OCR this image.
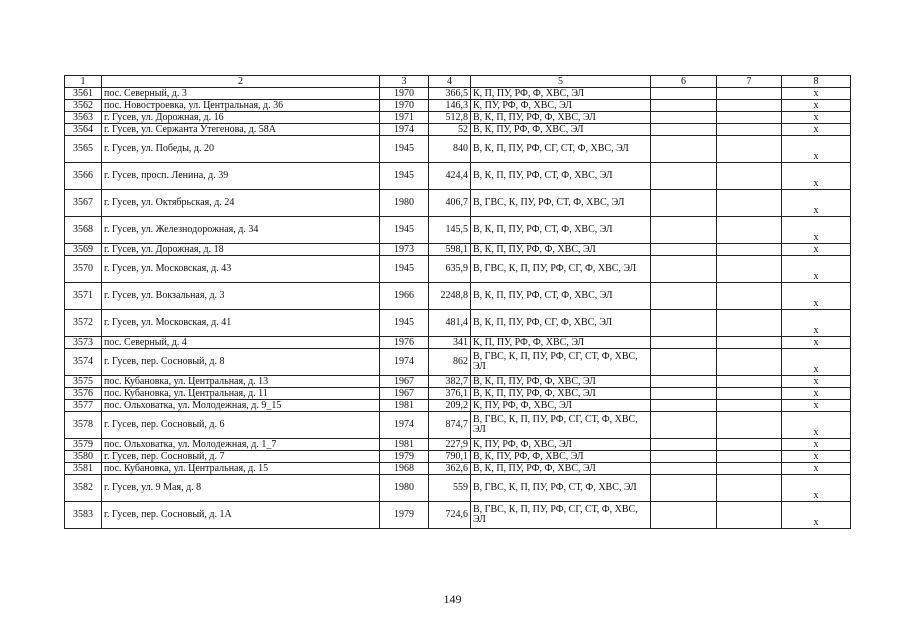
1	2	3	4	5	6	7	8
3561	пос. Северный, д. 3	1970	366,5	К, П, ПУ, РФ, Ф, ХВС, ЭЛ			х
3562	пос. Новостроевка, ул. Центральная, д. 36	1970	146,3	К, ПУ, РФ, Ф, ХВС, ЭЛ			х
3563	г. Гусев, ул. Дорожная, д. 16	1971	512,8	В, К, П, ПУ, РФ, Ф, ХВС, ЭЛ			х
3564	г. Гусев, ул. Сержанта Утегенова, д. 58А	1974	52	В, К, ПУ, РФ, Ф, ХВС, ЭЛ			х
3565	г. Гусев, ул. Победы, д. 20	1945	840	В, К, П, ПУ, РФ, СГ, СТ, Ф, ХВС, ЭЛ			х
3566	г. Гусев, просп. Ленина, д. 39	1945	424,4	В, К, П, ПУ, РФ, СТ, Ф, ХВС, ЭЛ			х
3567	г. Гусев, ул. Октябрьская, д. 24	1980	406,7	В, ГВС, К, ПУ, РФ, СТ, Ф, ХВС, ЭЛ			х
3568	г. Гусев, ул. Железнодорожная, д. 34	1945	145,5	В, К, П, ПУ, РФ, СТ, Ф, ХВС, ЭЛ			х
3569	г. Гусев, ул. Дорожная, д. 18	1973	598,1	В, К, П, ПУ, РФ, Ф, ХВС, ЭЛ			х
3570	г. Гусев, ул. Московская, д. 43	1945	635,9	В, ГВС, К, П, ПУ, РФ, СГ, Ф, ХВС, ЭЛ			х
3571	г. Гусев, ул. Вокзальная, д. 3	1966	2248,8	В, К, П, ПУ, РФ, СТ, Ф, ХВС, ЭЛ			х
3572	г. Гусев, ул. Московская, д. 41	1945	481,4	В, К, П, ПУ, РФ, СГ, Ф, ХВС, ЭЛ			х
3573	пос. Северный, д. 4	1976	341	К, П, ПУ, РФ, Ф, ХВС, ЭЛ			х
3574	г. Гусев, пер. Сосновый, д. 8	1974	862	В, ГВС, К, П, ПУ, РФ, СГ, СТ, Ф, ХВС, ЭЛ			х
3575	пос. Кубановка, ул. Центральная, д. 13	1967	382,7	В, К, П, ПУ, РФ, Ф, ХВС, ЭЛ			х
3576	пос. Кубановка, ул. Центральная, д. 11	1967	376,1	В, К, П, ПУ, РФ, Ф, ХВС, ЭЛ			х
3577	пос. Ольховатка, ул. Молодежная, д. 9_15	1981	209,2	К, ПУ, РФ, Ф, ХВС, ЭЛ			х
3578	г. Гусев, пер. Сосновый, д. 6	1974	874,7	В, ГВС, К, П, ПУ, РФ, СГ, СТ, Ф, ХВС, ЭЛ			х
3579	пос. Ольховатка, ул. Молодежная, д. 1_7	1981	227,9	К, ПУ, РФ, Ф, ХВС, ЭЛ			х
3580	г. Гусев, пер. Сосновый, д. 7	1979	790,1	В, К, ПУ, РФ, Ф, ХВС, ЭЛ			х
3581	пос. Кубановка, ул. Центральная, д. 15	1968	362,6	В, К, П, ПУ, РФ, Ф, ХВС, ЭЛ			х
3582	г. Гусев, ул. 9 Мая, д. 8	1980	559	В, ГВС, К, П, ПУ, РФ, СТ, Ф, ХВС, ЭЛ			х
3583	г. Гусев, пер. Сосновый, д. 1А	1979	724,6	В, ГВС, К, П, ПУ, РФ, СГ, СТ, Ф, ХВС, ЭЛ			х
149
